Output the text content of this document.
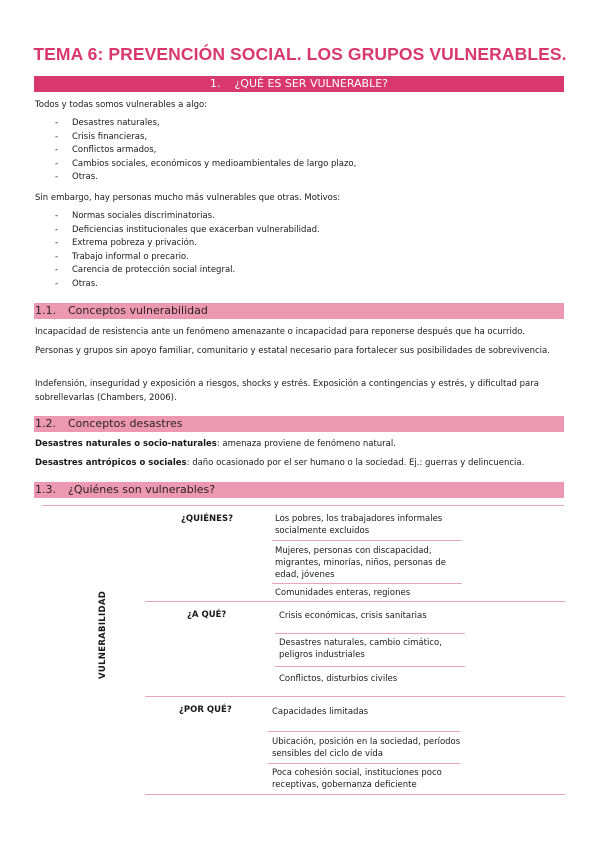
TEMA 6: PREVENCIÓN SOCIAL. LOS GRUPOS VULNERABLES.
1. ¿QUÉ ES SER VULNERABLE?
Todos y todas somos vulnerables a algo:
- Desastres naturales,
- Crisis financieras,
- Conflictos armados,
- Cambios sociales, económicos y medioambientales de largo plazo,
- Otras.
Sin embargo, hay personas mucho más vulnerables que otras. Motivos:
- Normas sociales discriminatorias.
- Deficiencias institucionales que exacerban vulnerabilidad.
- Extrema pobreza y privación.
- Trabajo informal o precario.
- Carencia de protección social integral.
- Otras.
1.1. Conceptos vulnerabilidad
Incapacidad de resistencia ante un fenómeno amenazante o incapacidad para reponerse después que ha ocurrido.
Personas y grupos sin apoyo familiar, comunitario y estatal necesario para fortalecer sus posibilidades de sobrevivencia.
Indefensión, inseguridad y exposición a riesgos, shocks y estrés. Exposición a contingencias y estrés, y dificultad para sobrellevarlas (Chambers, 2006).
1.2. Conceptos desastres
Desastres naturales o socio-naturales: amenaza proviene de fenómeno natural.
Desastres antrópicos o sociales: daño ocasionado por el ser humano o la sociedad. Ej.: guerras y delincuencia.
1.3. ¿Quiénes son vulnerables?
VULNERABILIDAD
¿QUIÉNES?	Los pobres, los trabajadores informales socialmente excluidos
Mujeres, personas con discapacidad, migrantes, minorías, niños, personas de edad, jóvenes
Comunidades enteras, regiones
¿A QUÉ?	Crisis económicas, crisis sanitarias
Desastres naturales, cambio cimático, peligros industriales
Conflictos, disturbios civiles
¿POR QUÉ?	Capacidades limitadas
Ubicación, posición en la sociedad, períodos sensibles del ciclo de vida
Poca cohesión social, instituciones poco receptivas, gobernanza deficiente
